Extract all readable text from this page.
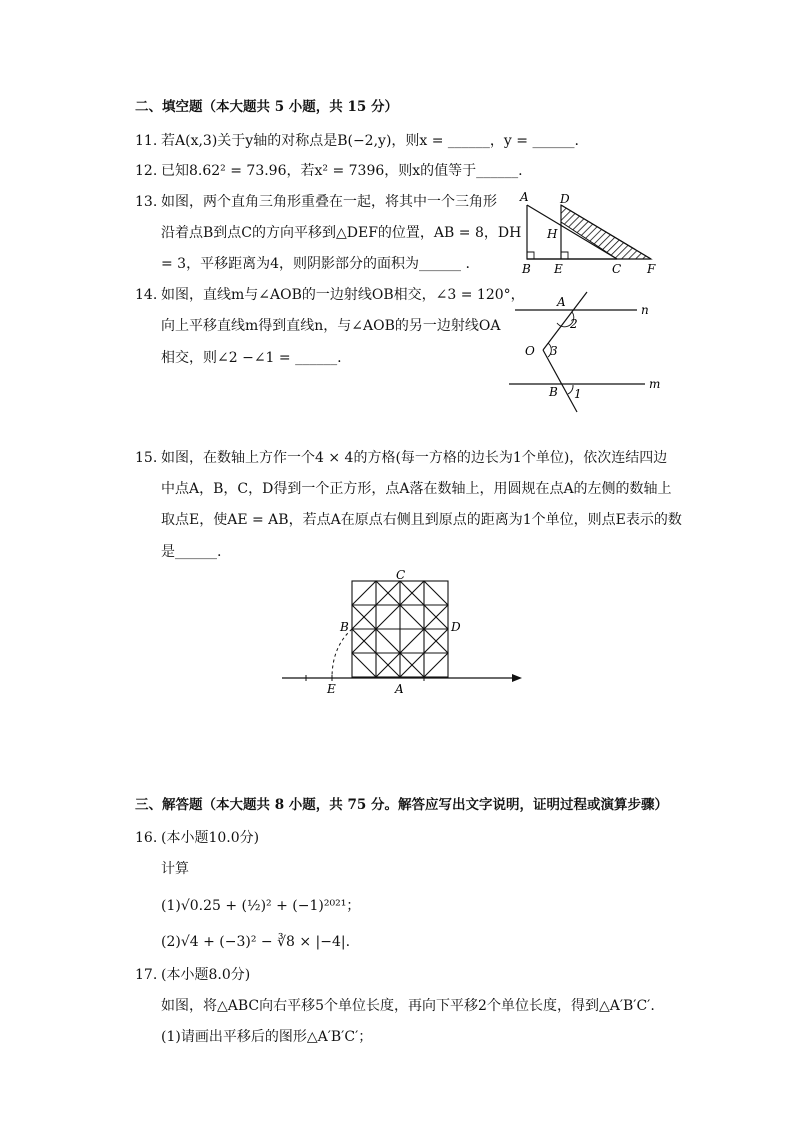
二、填空题（本大题共 5 小题，共 15 分）
11. 若A(x,3)关于y轴的对称点是B(−2,y)，则x = ______，y = ______.
12. 已知8.62² = 73.96，若x² = 7396，则x的值等于______.
13. 如图，两个直角三角形重叠在一起，将其中一个三角形
沿着点B到点C的方向平移到△DEF的位置，AB = 8，DH
= 3，平移距离为4，则阴影部分的面积为______ .
A	D
H
B E	C F
14. 如图，直线m与∠AOB的一边射线OB相交，∠3 = 120°，
向上平移直线m得到直线n，与∠AOB的另一边射线OA
相交，则∠2 −∠1 = ______.
A
n
2
O 3
m
B 1
15. 如图，在数轴上方作一个4 × 4的方格(每一方格的边长为1个单位)，依次连结四边
中点A，B，C，D得到一个正方形，点A落在数轴上，用圆规在点A的左侧的数轴上
取点E，使AE = AB，若点A在原点右侧且到原点的距离为1个单位，则点E表示的数
是______.
C
B	D
E	A
三、解答题（本大题共 8 小题，共 75 分。解答应写出文字说明，证明过程或演算步骤）
16. (本小题10.0分)
计算
(1)√0.25 + (½)² + (−1)²⁰²¹；
(2)√4 + (−3)² − ∛8 × |−4|.
17. (本小题8.0分)
如图，将△ABC向右平移5个单位长度，再向下平移2个单位长度，得到△A′B′C′.
(1)请画出平移后的图形△A′B′C′；
